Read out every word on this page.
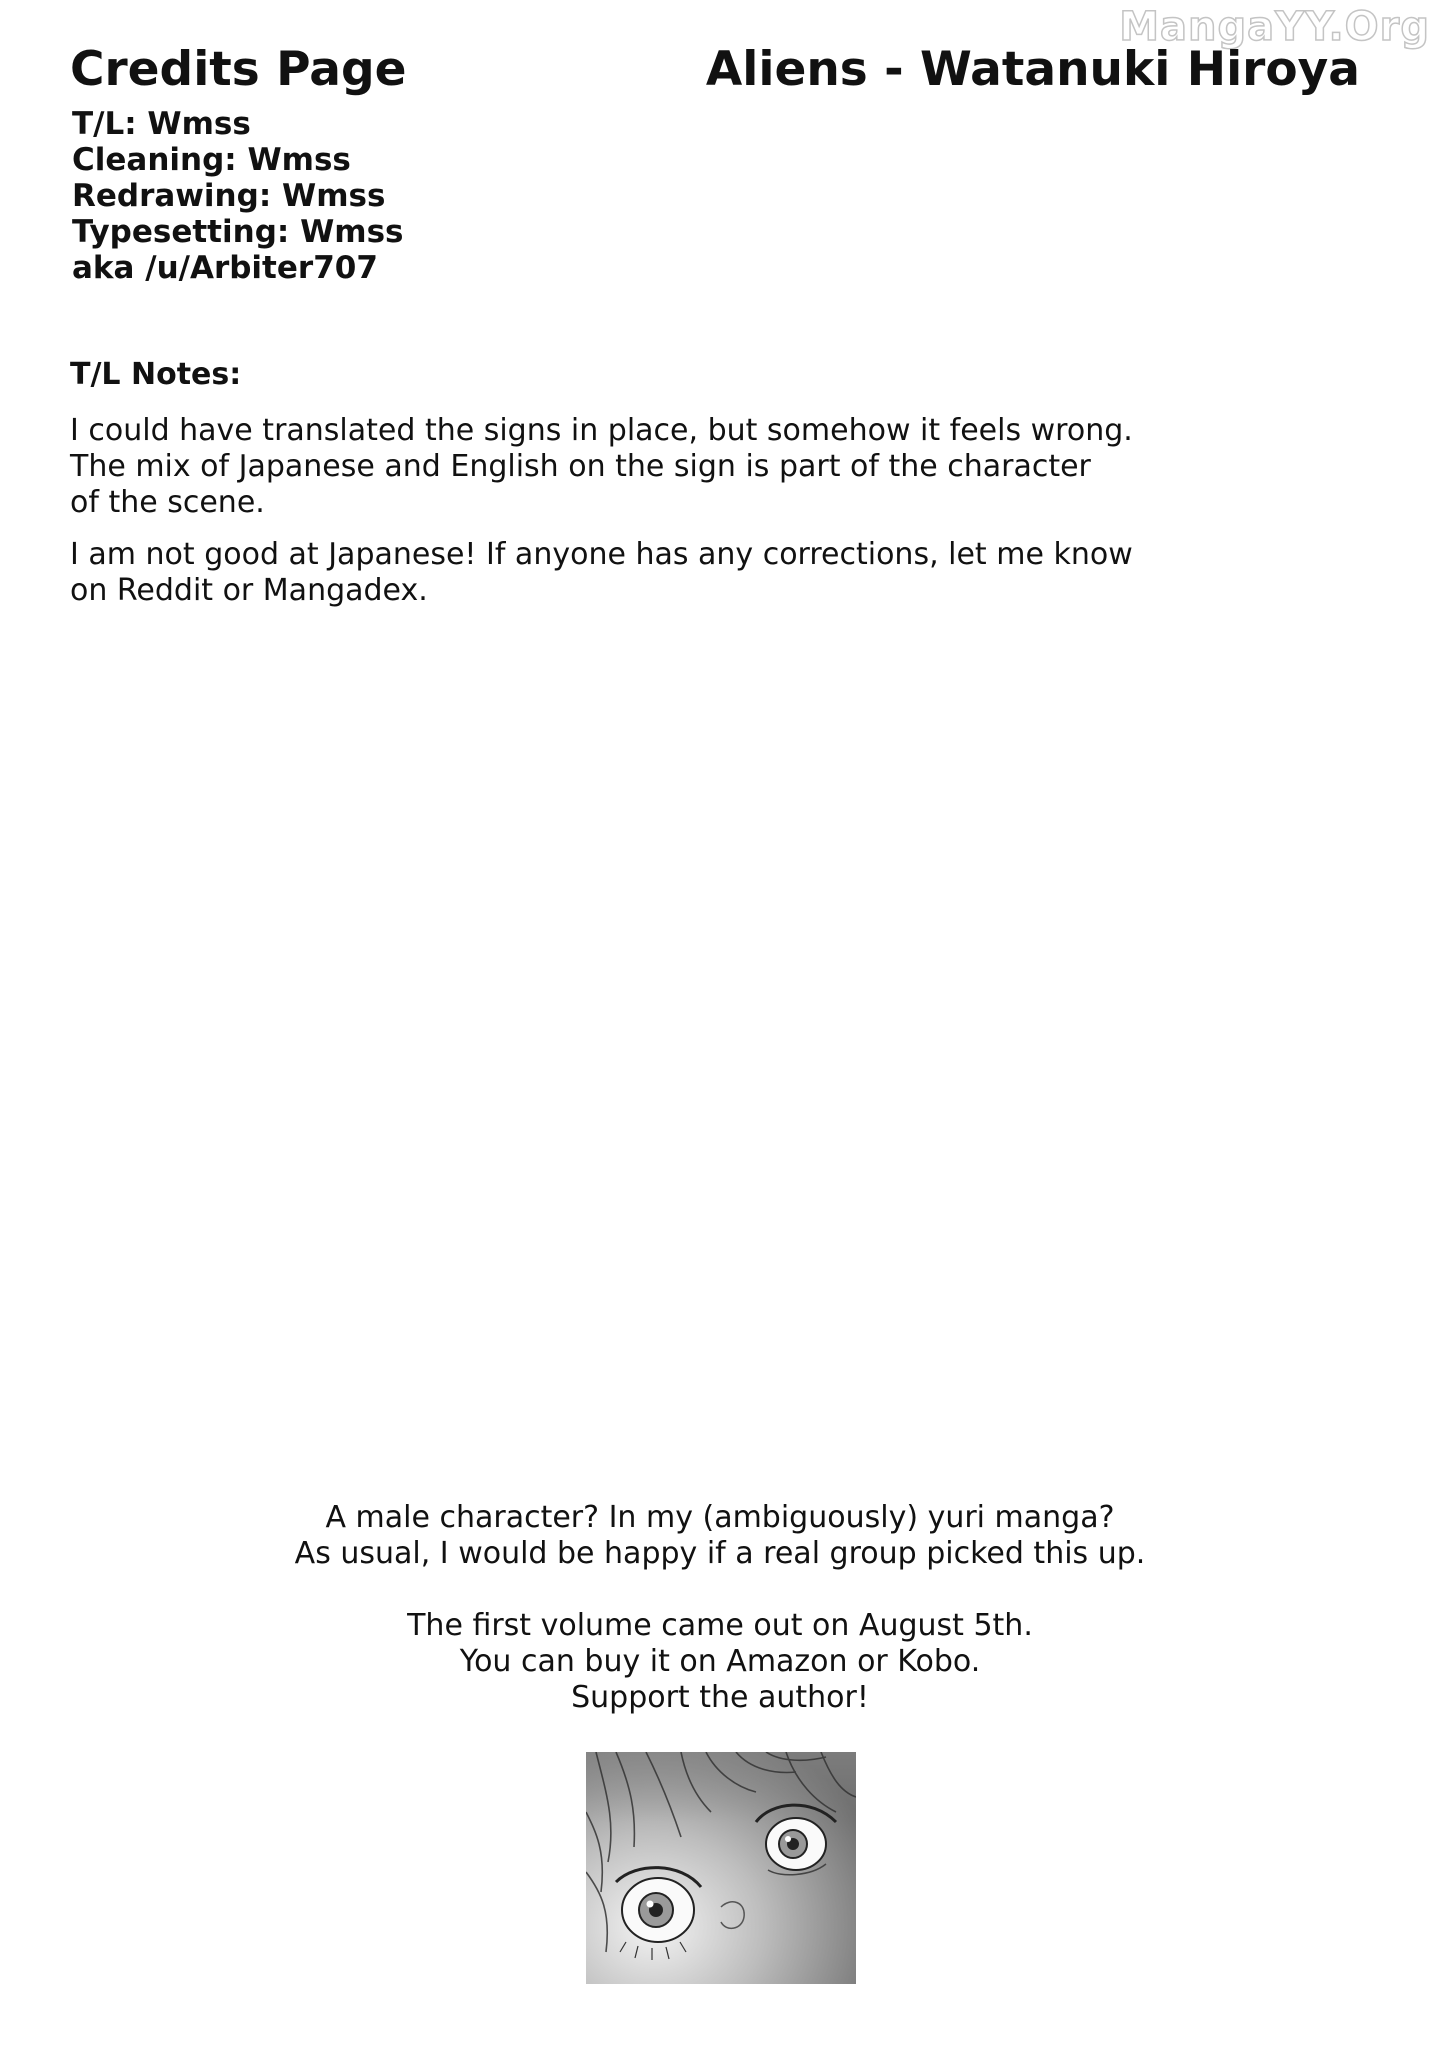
MangaYY.Org
Credits Page	Aliens - Watanuki Hiroya
T/L: Wmss
Cleaning: Wmss
Redrawing: Wmss
Typesetting: Wmss
aka /u/Arbiter707
T/L Notes:

I could have translated the signs in place, but somehow it feels wrong.
The mix of Japanese and English on the sign is part of the character
of the scene.

I am not good at Japanese! If anyone has any corrections, let me know
on Reddit or Mangadex.

A male character? In my (ambiguously) yuri manga?
As usual, I would be happy if a real group picked this up.

The first volume came out on August 5th.
You can buy it on Amazon or Kobo.
Support the author!
